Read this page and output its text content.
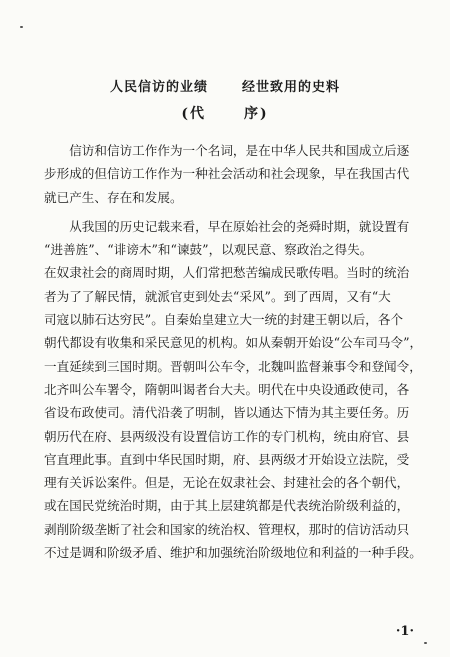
人民信访的业绩	经世致用的史料
(代	序)
　　信访和信访工作作为一个名词，是在中华人民共和国成立后逐
步形成的但信访工作作为一种社会活动和社会现象，早在我国古代
就已产生、存在和发展。
　　从我国的历史记载来看，早在原始社会的尧舜时期，就设置有
“进善旌”、“诽谤木”和“谏鼓”，以观民意、察政治之得失。
在奴隶社会的商周时期，人们常把愁苦编成民歌传唱。当时的统治
者为了了解民情，就派官吏到处去“采风”。到了西周，又有“大
司寇以肺石达穷民”。自秦始皇建立大一统的封建王朝以后，各个
朝代都设有收集和采民意见的机构。如从秦朝开始设“公车司马令”，
一直延续到三国时期。晋朝叫公车令，北魏叫监督兼事令和登闻令，
北齐叫公车署令，隋朝叫谒者台大夫。明代在中央设通政使司，各
省设布政使司。清代沿袭了明制，皆以通达下情为其主要任务。历
朝历代在府、县两级没有设置信访工作的专门机构，统由府官、县
官直理此事。直到中华民国时期，府、县两级才开始设立法院，受
理有关诉讼案件。但是，无论在奴隶社会、封建社会的各个朝代，
或在国民党统治时期，由于其上层建筑都是代表统治阶级利益的，
剥削阶级垄断了社会和国家的统治权、管理权，那时的信访活动只
不过是调和阶级矛盾、维护和加强统治阶级地位和利益的一种手段。
·1·
